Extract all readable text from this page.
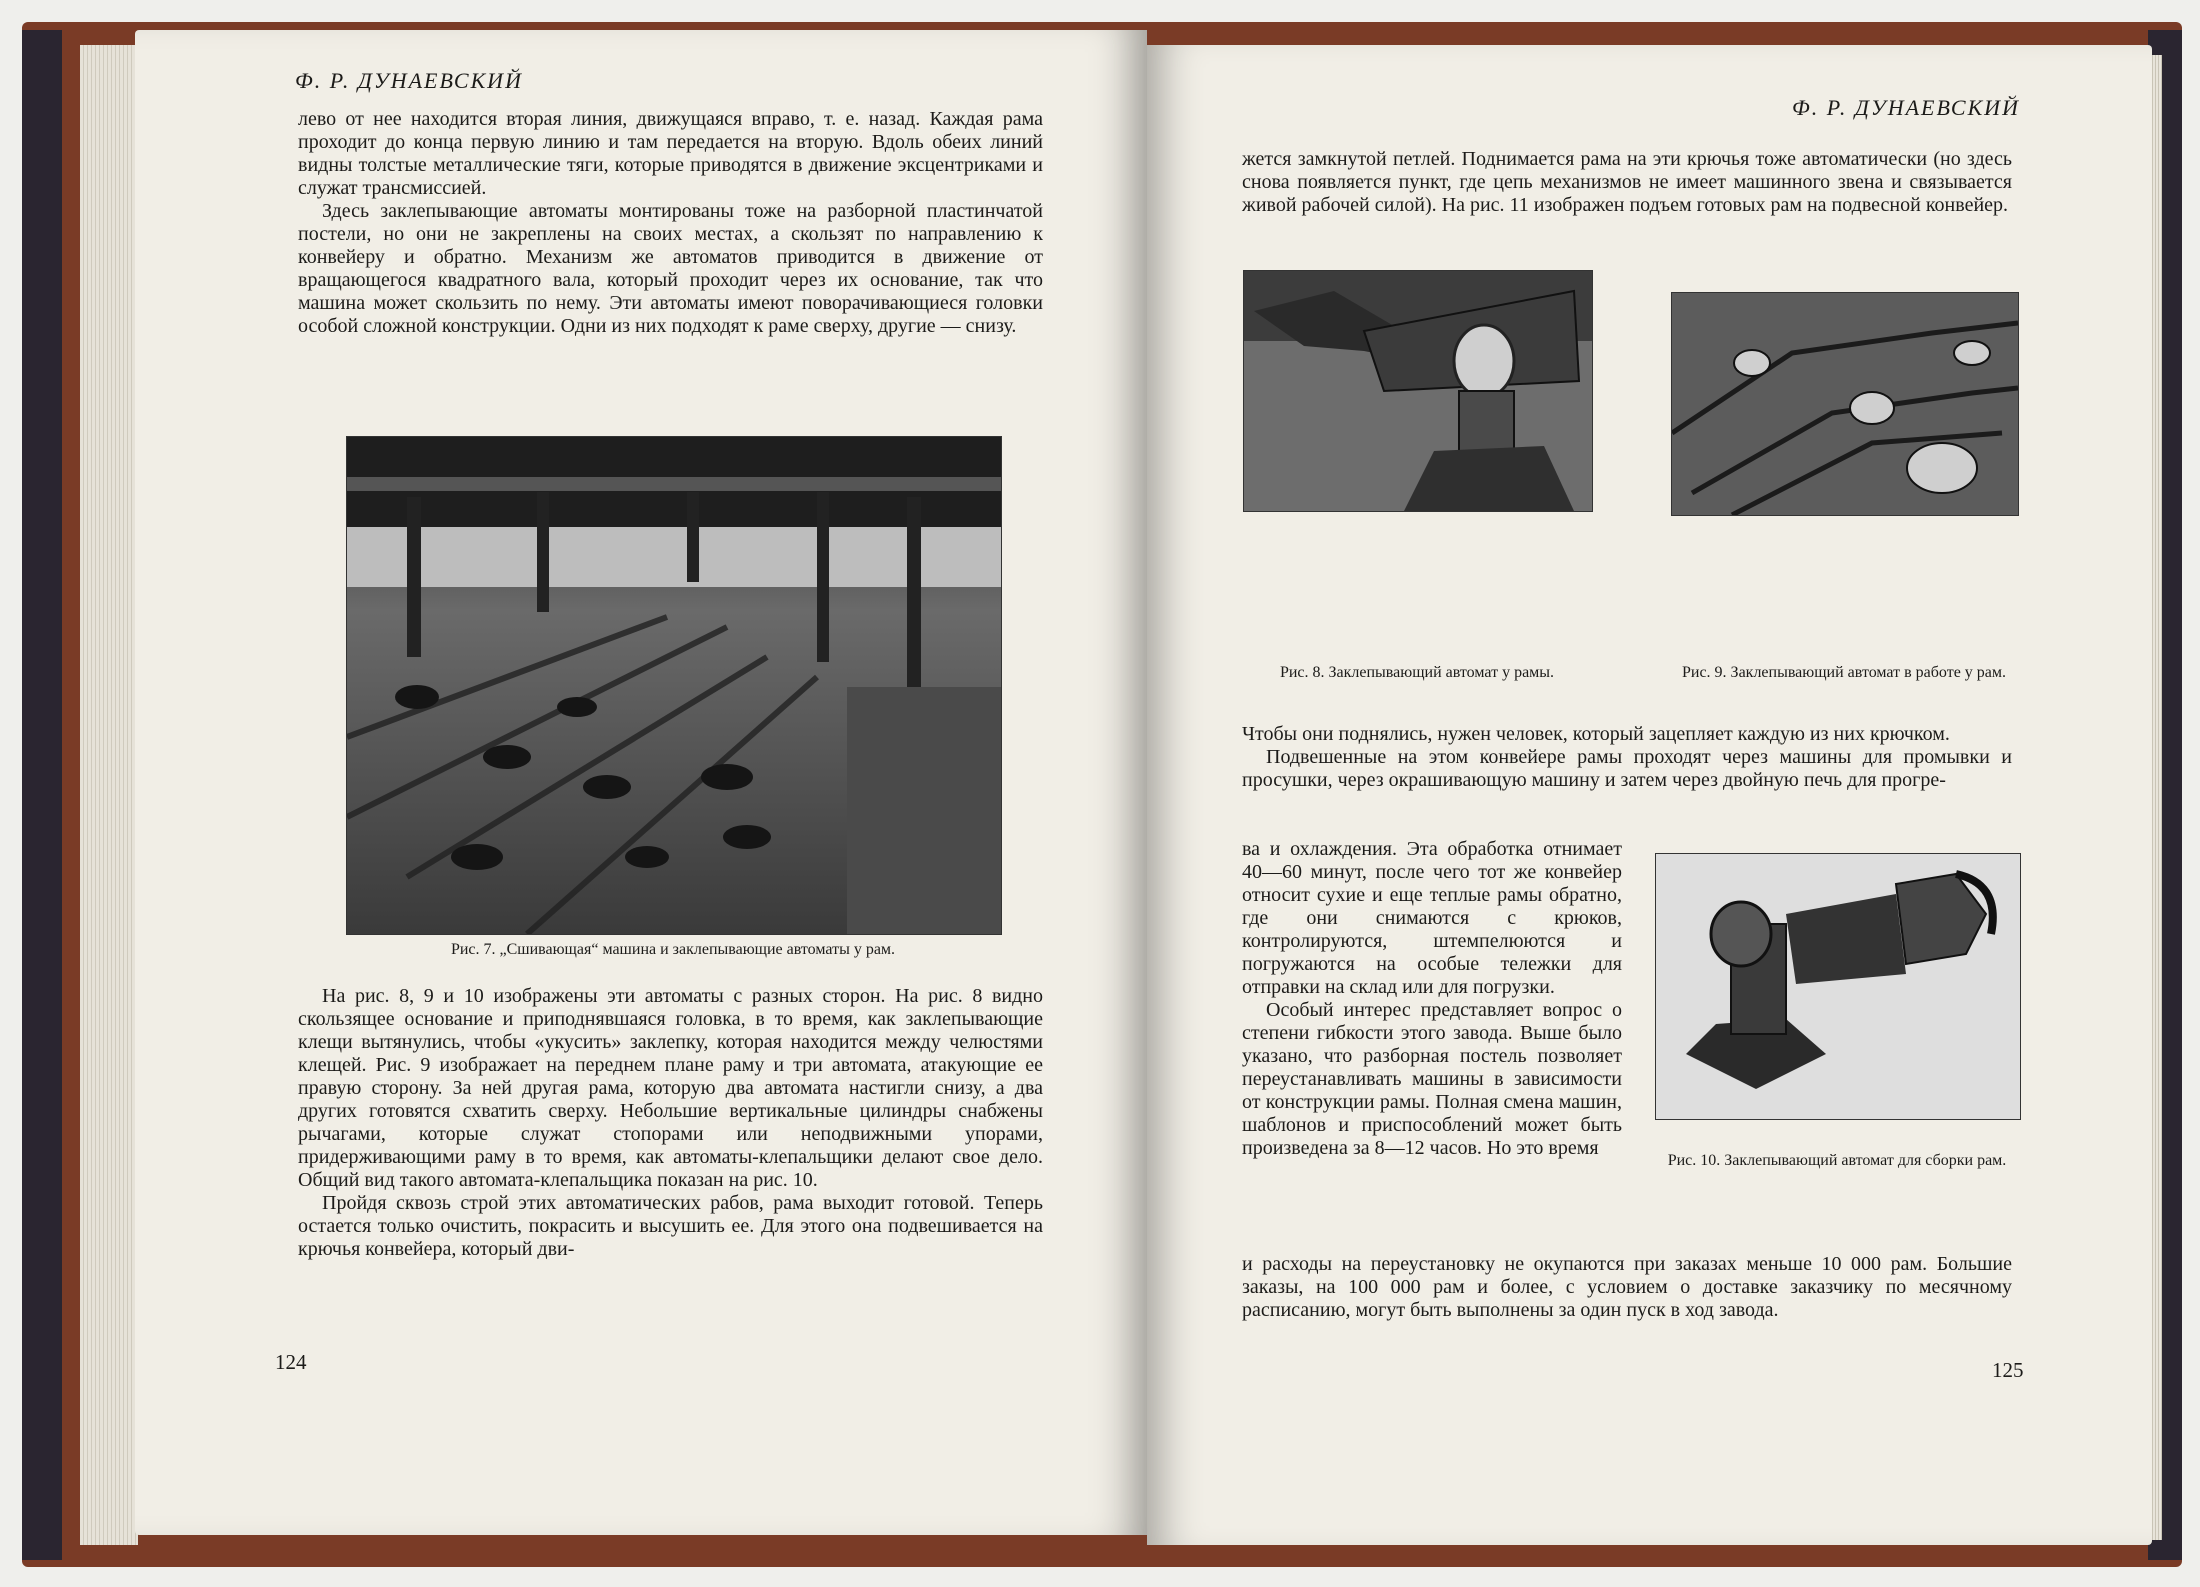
Ф. Р. ДУНАЕВСКИЙ

лево от нее находится вторая линия, движущаяся вправо, т. е. назад. Каждая рама проходит до конца первую линию и там передается на вторую. Вдоль обеих линий видны толстые металлические тяги, которые приводятся в движение эксцентриками и служат трансмиссией.

Здесь заклепывающие автоматы монтированы тоже на разборной пластинчатой постели, но они не закреплены на своих местах, а скользят по направлению к конвейеру и обратно. Механизм же автоматов приводится в движение от вращающегося квадратного вала, который проходит через их основание, так что машина может скользить по нему. Эти автоматы имеют поворачивающиеся головки особой сложной конструкции. Одни из них подходят к раме сверху, другие — снизу.

Рис. 7. „Сшивающая“ машина и заклепывающие автоматы у рам.

На рис. 8, 9 и 10 изображены эти автоматы с разных сторон. На рис. 8 видно скользящее основание и приподнявшаяся головка, в то время, как заклепывающие клещи вытянулись, чтобы «укусить» заклепку, которая находится между челюстями клещей. Рис. 9 изображает на переднем плане раму и три автомата, атакующие ее правую сторону. За ней другая рама, которую два автомата настигли снизу, а два других готовятся схватить сверху. Небольшие вертикальные цилиндры снабжены рычагами, которые служат стопорами или неподвижными упорами, придерживающими раму в то время, как автоматы-клепальщики делают свое дело. Общий вид такого автомата-клепальщика показан на рис. 10.

Пройдя сквозь строй этих автоматических рабов, рама выходит готовой. Теперь остается только очистить, покрасить и высушить ее. Для этого она подвешивается на крючья конвейера, который дви-

124
Ф. Р. ДУНАЕВСКИЙ

жется замкнутой петлей. Поднимается рама на эти крючья тоже автоматически (но здесь снова появляется пункт, где цепь механизмов не имеет машинного звена и связывается живой рабочей силой). На рис. 11 изображен подъем готовых рам на подвесной конвейер.

Рис. 8. Заклепывающий автомат у рамы.	Рис. 9. Заклепывающий автомат в работе у рам.

Чтобы они поднялись, нужен человек, который зацепляет каждую из них крючком.

Подвешенные на этом конвейере рамы проходят через машины для промывки и просушки, через окрашивающую машину и затем через двойную печь для прогре-

ва и охлаждения. Эта обработка отнимает 40—60 минут, после чего тот же конвейер относит сухие и еще теплые рамы обратно, где они снимаются с крюков, контролируются, штемпелюются и погружаются на особые тележки для отправки на склад или для погрузки.

Особый интерес представляет вопрос о степени гибкости этого завода. Выше было указано, что разборная постель позволяет переустанавливать машины в зависимости от конструкции рамы. Полная смена машин, шаблонов и приспособлений может быть произведена за 8—12 часов. Но это время

Рис. 10. Заклепывающий автомат для сборки рам.

и расходы на переустановку не окупаются при заказах меньше 10 000 рам. Большие заказы, на 100 000 рам и более, с условием о доставке заказчику по месячному расписанию, могут быть выполнены за один пуск в ход завода.

125
